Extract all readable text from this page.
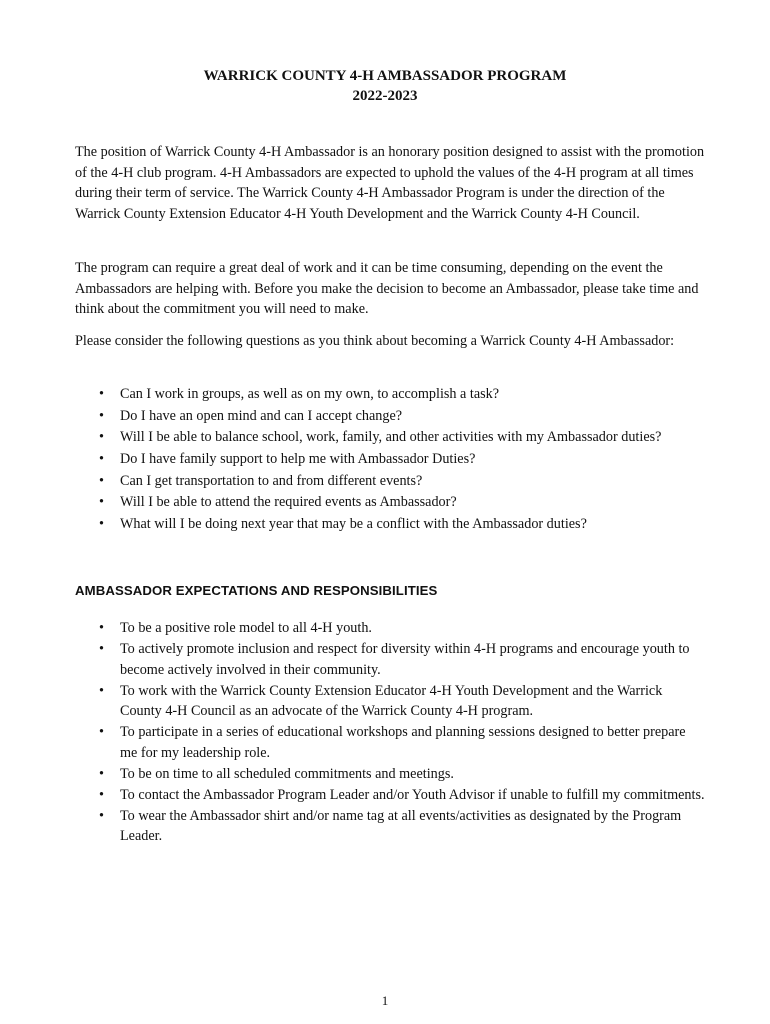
WARRICK COUNTY 4-H AMBASSADOR PROGRAM
2022-2023

The position of Warrick County 4-H Ambassador is an honorary position designed to assist with the promotion of the 4-H club program. 4-H Ambassadors are expected to uphold the values of the 4-H program at all times during their term of service. The Warrick County 4-H Ambassador Program is under the direction of the Warrick County Extension Educator 4-H Youth Development and the Warrick County 4-H Council.

The program can require a great deal of work and it can be time consuming, depending on the event the Ambassadors are helping with. Before you make the decision to become an Ambassador, please take time and think about the commitment you will need to make.

Please consider the following questions as you think about becoming a Warrick County 4-H Ambassador:

• Can I work in groups, as well as on my own, to accomplish a task?
• Do I have an open mind and can I accept change?
• Will I be able to balance school, work, family, and other activities with my Ambassador duties?
• Do I have family support to help me with Ambassador Duties?
• Can I get transportation to and from different events?
• Will I be able to attend the required events as Ambassador?
• What will I be doing next year that may be a conflict with the Ambassador duties?
AMBASSADOR EXPECTATIONS AND RESPONSIBILITIES
• To be a positive role model to all 4-H youth.
• To actively promote inclusion and respect for diversity within 4-H programs and encourage youth to become actively involved in their community.
• To work with the Warrick County Extension Educator 4-H Youth Development and the Warrick County 4-H Council as an advocate of the Warrick County 4-H program.
• To participate in a series of educational workshops and planning sessions designed to better prepare me for my leadership role.
• To be on time to all scheduled commitments and meetings.
• To contact the Ambassador Program Leader and/or Youth Advisor if unable to fulfill my commitments.
• To wear the Ambassador shirt and/or name tag at all events/activities as designated by the Program Leader.
1
